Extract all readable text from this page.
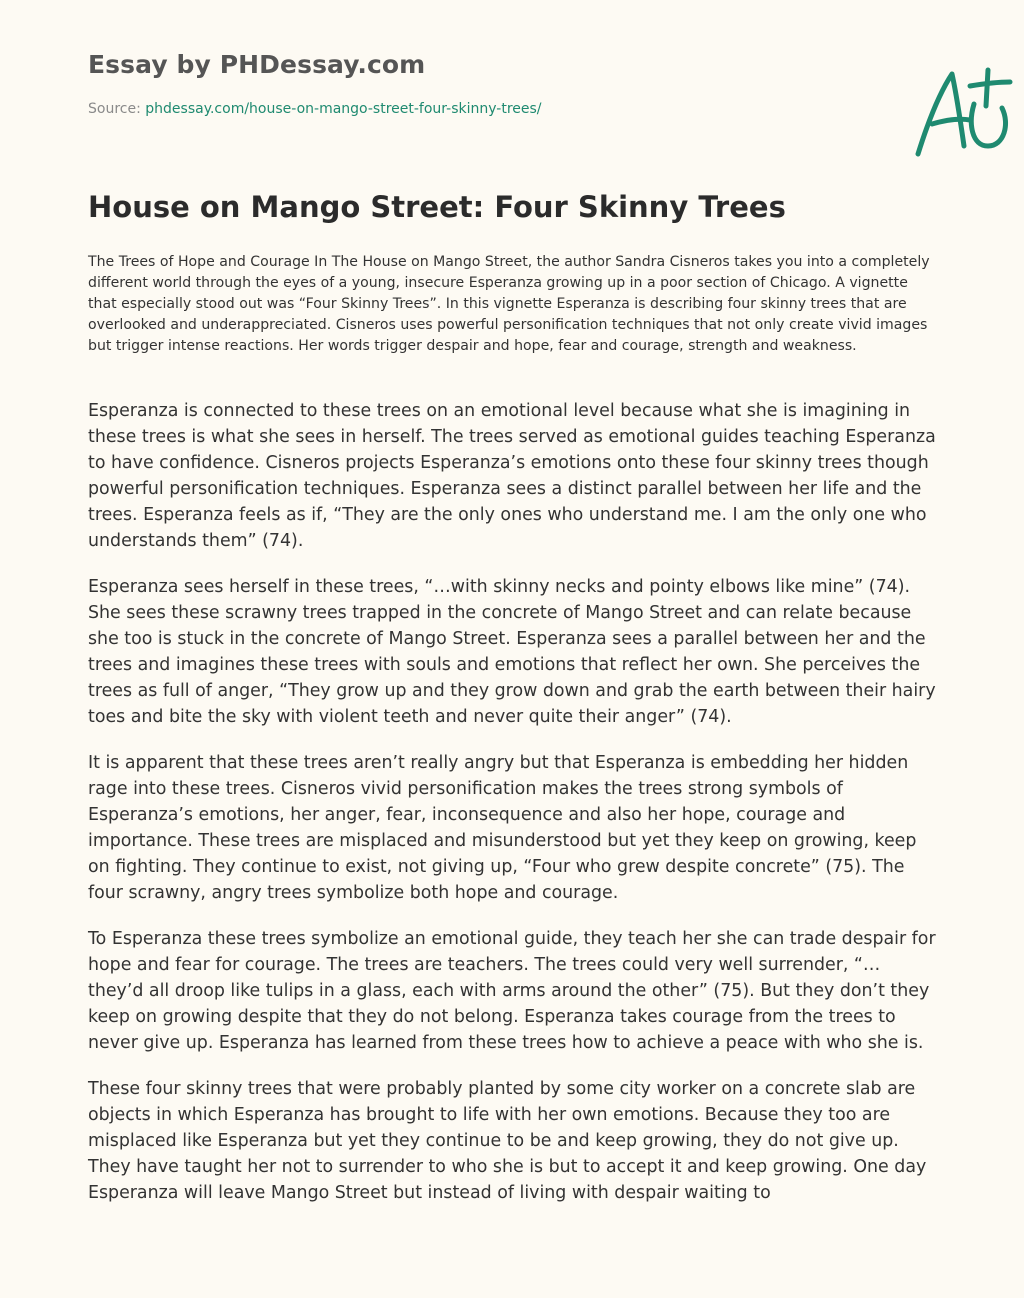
Essay by PHDessay.com
Source: phdessay.com/house-on-mango-street-four-skinny-trees/
House on Mango Street: Four Skinny Trees

The Trees of Hope and Courage In The House on Mango Street, the author Sandra Cisneros takes you into a completely different world through the eyes of a young, insecure Esperanza growing up in a poor section of Chicago. A vignette that especially stood out was “Four Skinny Trees”. In this vignette Esperanza is describing four skinny trees that are overlooked and underappreciated. Cisneros uses powerful personification techniques that not only create vivid images but trigger intense reactions. Her words trigger despair and hope, fear and courage, strength and weakness.

Esperanza is connected to these trees on an emotional level because what she is imagining in these trees is what she sees in herself. The trees served as emotional guides teaching Esperanza to have confidence. Cisneros projects Esperanza’s emotions onto these four skinny trees though powerful personification techniques. Esperanza sees a distinct parallel between her life and the trees. Esperanza feels as if, “They are the only ones who understand me. I am the only one who understands them” (74).

Esperanza sees herself in these trees, “…with skinny necks and pointy elbows like mine” (74). She sees these scrawny trees trapped in the concrete of Mango Street and can relate because she too is stuck in the concrete of Mango Street. Esperanza sees a parallel between her and the trees and imagines these trees with souls and emotions that reflect her own. She perceives the trees as full of anger, “They grow up and they grow down and grab the earth between their hairy toes and bite the sky with violent teeth and never quite their anger” (74).

It is apparent that these trees aren’t really angry but that Esperanza is embedding her hidden rage into these trees. Cisneros vivid personification makes the trees strong symbols of Esperanza’s emotions, her anger, fear, inconsequence and also her hope, courage and importance. These trees are misplaced and misunderstood but yet they keep on growing, keep on fighting. They continue to exist, not giving up, “Four who grew despite concrete” (75). The four scrawny, angry trees symbolize both hope and courage.

To Esperanza these trees symbolize an emotional guide, they teach her she can trade despair for hope and fear for courage. The trees are teachers. The trees could very well surrender, “… they’d all droop like tulips in a glass, each with arms around the other” (75). But they don’t they keep on growing despite that they do not belong. Esperanza takes courage from the trees to never give up. Esperanza has learned from these trees how to achieve a peace with who she is.

These four skinny trees that were probably planted by some city worker on a concrete slab are objects in which Esperanza has brought to life with her own emotions. Because they too are misplaced like Esperanza but yet they continue to be and keep growing, they do not give up. They have taught her not to surrender to who she is but to accept it and keep growing. One day Esperanza will leave Mango Street but instead of living with despair waiting to
